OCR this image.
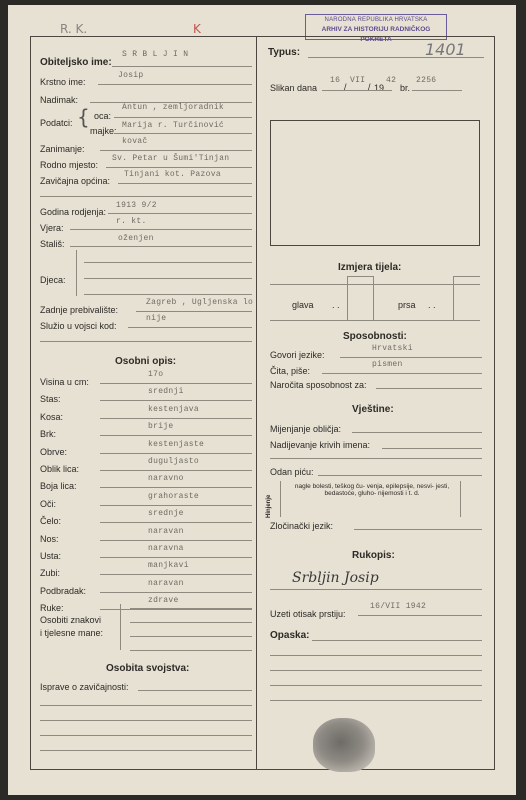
R. K.	K
NARODNA REPUBLIKA HRVATSKA
ARHIV ZA HISTORIJU RADNIČKOG POKRETA
1401
Obiteljsko ime:
S R B L J I N
Krstno ime:
Josip
Nadimak:
Podatci: { oca:
Antun , zemljoradnik
majke:
Marija r. Turčinović
Zanimanje:
kovač
Rodno mjesto:
Sv. Petar u Šumi'Tinjan
Zavičajna općina:
Tinjani kot. Pazova
Godina rodjenja:
1913 9/2
Vjera:
r. kt.
Stališ:
oženjen
Djeca:
Zadnje prebivalište:
Zagreb , Ugljenska lo
Služio u vojsci kod:
nije
Osobni opis:
Visina u cm:
17o
Stas:
srednji
Kosa:
kestenjava
Brk:
brije
Obrve:
kestenjaste
Oblik lica:
duguljasto
Boja lica:
naravno
Oči:
grahoraste
Čelo:
srednje
Nos:
naravan
Usta:
naravna
Zubi:
manjkavi
Podbradak:
naravan
Ruke:
zdrave
Osobiti znakovi
i tjelesne mane:
Osobita svojstva:
Isprave o zavičajnosti:
Typus:
Slikan dana
16
/
VII
/ 19
42
br.
2256
Izmjera tijela:
glava . .	prsa . .
Sposobnosti:
Govori jezike:
Hrvatski
Čita, piše:
pismen
Naročita sposobnost za:
Vještine:
Mijenjanje obličja:
Nadijevanje krivih imena:
Odan piću:
Hinjenje
nagle bolesti, teškog ču- venja, epilepsije, nesvi- jesti, bedastoće, gluho- nijemosti i t. d.
Zločinački jezik:
Rukopis:
Srbljin Josip
Uzeti otisak prstiju:
16/VII 1942
Opaska:
